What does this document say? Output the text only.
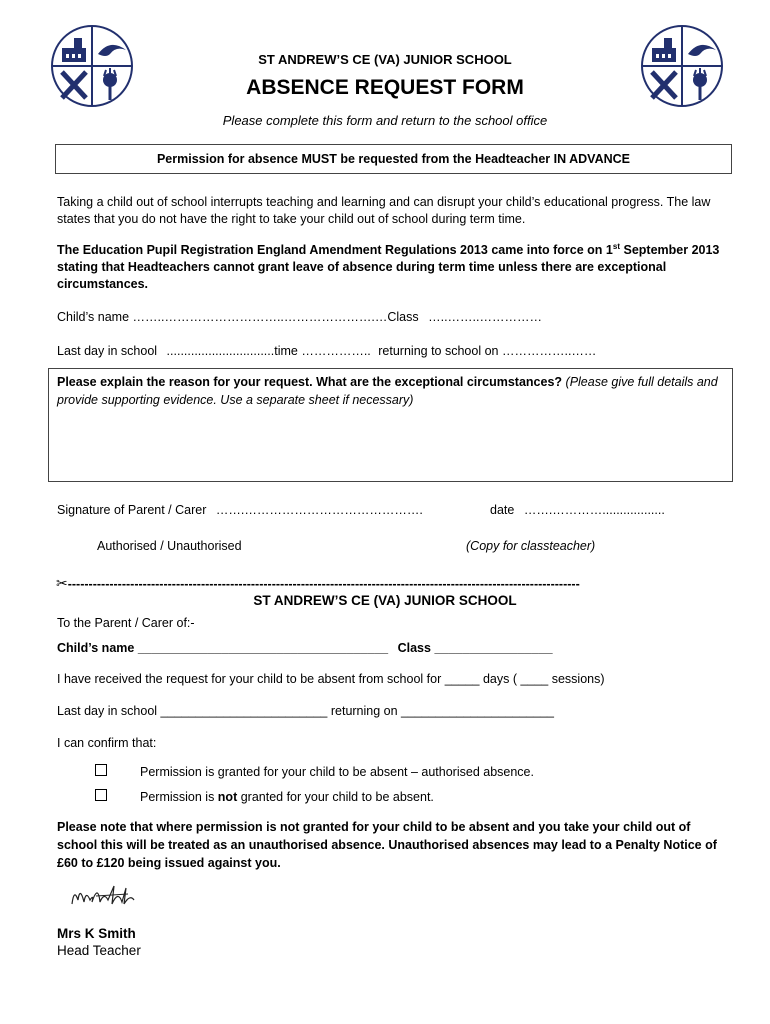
ST ANDREW’S CE (VA) JUNIOR SCHOOL
ABSENCE REQUEST FORM
Please complete this form and return to the school office
Permission for absence MUST be requested from the Headteacher IN ADVANCE
Taking a child out of school interrupts teaching and learning and can disrupt your child’s educational progress. The law states that you do not have the right to take your child out of school during term time.
The Education Pupil Registration England Amendment Regulations 2013 came into force on 1st September 2013 stating that Headteachers cannot grant leave of absence during term time unless there are exceptional circumstances.
Child’s name ……..………………………..………………….…Class …..……..……………
Last day in school ...............................time …………….. returning to school on ……………..……
Please explain the reason for your request. What are the exceptional circumstances? (Please give full details and provide supporting evidence. Use a separate sheet if necessary)
Signature of Parent / Carer …….…………………………………….	date …….…………..................
Authorised / Unauthorised	(Copy for classteacher)
✂---------------------------------------------------------------------------------------------------------------------------
ST ANDREW’S CE (VA) JUNIOR SCHOOL
To the Parent / Carer of:-
Child’s name ____________________________________ Class _________________
I have received the request for your child to be absent from school for _____ days ( ____ sessions)
Last day in school ________________________ returning on ______________________
I can confirm that:
Permission is granted for your child to be absent – authorised absence.
Permission is not granted for your child to be absent.
Please note that where permission is not granted for your child to be absent and you take your child out of school this will be treated as an unauthorised absence. Unauthorised absences may lead to a Penalty Notice of £60 to £120 being issued against you.
Mrs K Smith
Head Teacher
